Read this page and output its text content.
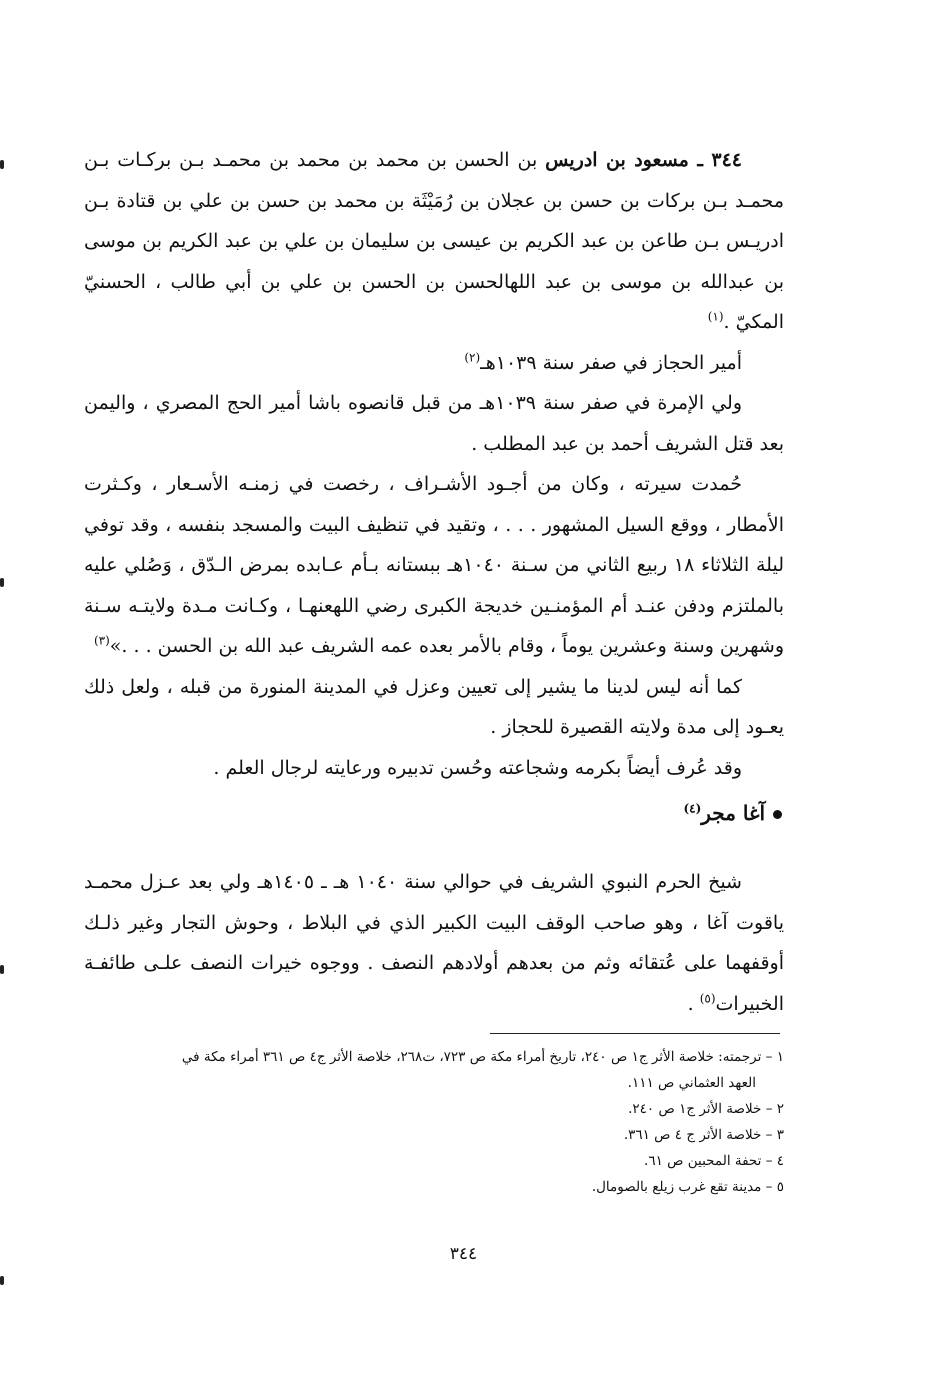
٣٤٤ ـ مسعود بن ادريس بن الحسن بن محمد بن محمد بن محمـد بـن بركـات بـن محمـد بـن بركات بن حسن بن عجلان بن رُمَيْثَة بن محمد بن حسن بن علي بن قتادة بـن ادريـس بـن طاعن بن عبد الكريم بن عيسى بن سليمان بن علي بن عبد الكريم بن موسى بن عبدالله بن موسى بن عبد اللهالحسن بن الحسن بن علي بن أبي طالب ، الحسنيّ المكيّ .$^{(١)}$

أمير الحجاز في صفر سنة ١٠٣٩هـ$^{(٢)}$

ولي الإمرة في صفر سنة ١٠٣٩هـ من قبل قانصوه باشا أمير الحج المصري ، واليمن بعد قتل الشريف أحمد بن عبد المطلب .

حُمدت سيرته ، وكان من أجـود الأشـراف ، رخصت في زمنـه الأسـعار ، وكـثرت الأمطار ، ووقع السيل المشهور . . . ، وتقيد في تنظيف البيت والمسجد بنفسه ، وقد توفي ليلة الثلاثاء ١٨ ربيع الثاني من سـنة ١٠٤٠هـ ببستانه بـأم عـابده بمرض الـدّق ، وَصُلي عليه بالملتزم ودفن عنـد أم المؤمنـين خديجة الكبرى رضي اللهعنهـا ، وكـانت مـدة ولايتـه سـنة وشهرين وسنة وعشرين يوماً ، وقام بالأمر بعده عمه الشريف عبد الله بن الحسن . . .»$^{(٣)}$

كما أنه ليس لدينا ما يشير إلى تعيين وعزل في المدينة المنورة من قبله ، ولعل ذلك يعـود إلى مدة ولايته القصيرة للحجاز .

وقد عُرف أيضاً بكرمه وشجاعته وحُسن تدبيره ورعايته لرجال العلم .

آغا مجر$^{(٤)}$

شيخ الحرم النبوي الشريف في حوالي سنة ١٠٤٠ هـ ـ ١٤٠٥هـ ولي بعد عـزل محمـد ياقوت آغا ، وهو صاحب الوقف البيت الكبير الذي في البلاط ، وحوش التجار وغير ذلـك أوقفهما على عُتقائه وثم من بعدهم أولادهم النصف . ووجوه خيرات النصف علـى طائفـة الخبيرات$^{(٥)}$ .

١ – ترجمته: خلاصة الأثر ج١ ص ٢٤٠، تاريخ أمراء مكة ص ٧٢٣، ت٢٦٨، خلاصة الأثر ج٤ ص ٣٦١ أمراء مكة في

العهد العثماني ص ١١١.

٢ – خلاصة الأثر ج١ ص ٢٤٠.

٣ – خلاصة الأثر ج ٤ ص ٣٦١.

٤ – تحفة المحبين ص ٦١.

٥ – مدينة تقع غرب زيلع بالصومال.

٣٤٤
